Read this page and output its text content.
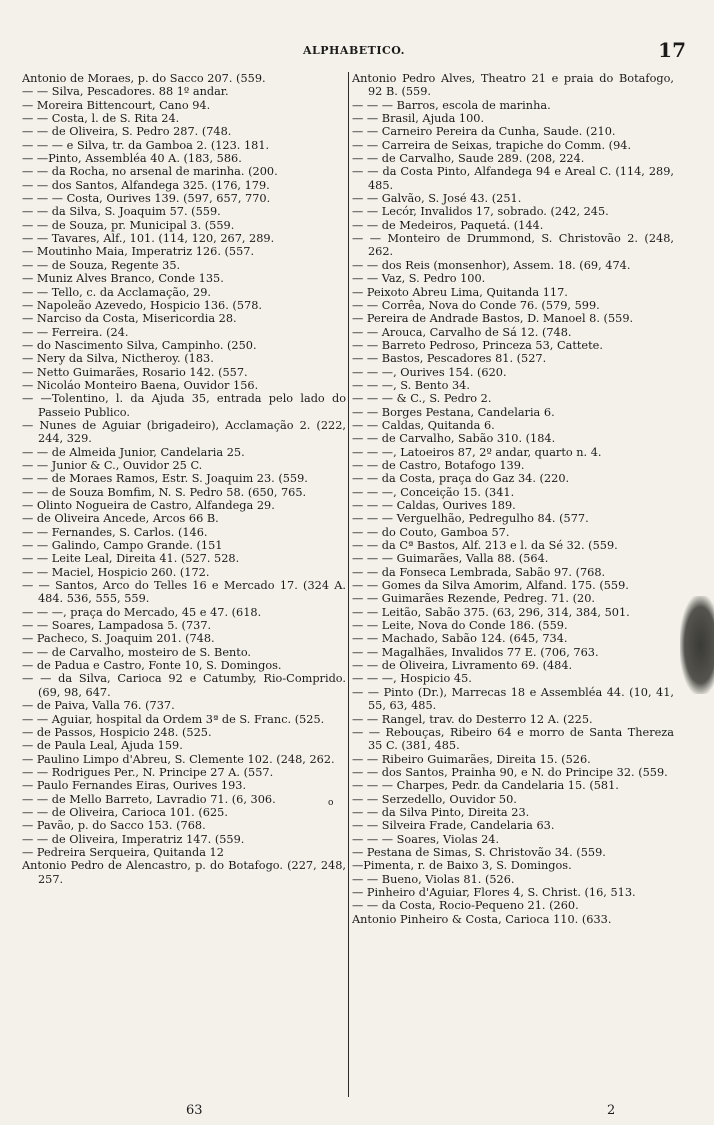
ALPHABETICO.	17

Antonio de Moraes, p. do Sacco 207. (559.

— — Silva, Pescadores. 88 1º andar.

— Moreira Bittencourt, Cano 94.

— — Costa, l. de S. Rita 24.

— — de Oliveira, S. Pedro 287. (748.

— — — e Silva, tr. da Gamboa 2. (123. 181.

— —Pinto, Assembléa 40 A. (183, 586.

— — da Rocha, no arsenal de marinha. (200.

— — dos Santos, Alfandega 325. (176, 179.

— — — Costa, Ourives 139. (597, 657, 770.

— — da Silva, S. Joaquim 57. (559.

— — de Souza, pr. Municipal 3. (559.

— — Tavares, Alf., 101. (114, 120, 267, 289.

— Moutinho Maia, Imperatriz 126. (557.

— — de Souza, Regente 35.

— Muniz Alves Branco, Conde 135.

— — Tello, c. da Acclamação, 29.

— Napoleão Azevedo, Hospicio 136. (578.

— Narciso da Costa, Misericordia 28.

— — Ferreira. (24.

— do Nascimento Silva, Campinho. (250.

— Nery da Silva, Nictheroy. (183.

— Netto Guimarães, Rosario 142. (557.

— Nicoláo Monteiro Baena, Ouvidor 156.

— —Tolentino, l. da Ajuda 35, entrada pelo lado do Passeio Publico.

— Nunes de Aguiar (brigadeiro), Acclamação 2. (222, 244, 329.

— — de Almeida Junior, Candelaria 25.

— — Junior & C., Ouvidor 25 C.

— — de Moraes Ramos, Estr. S. Joaquim 23. (559.

— — de Souza Bomfim, N. S. Pedro 58. (650, 765.

— Olinto Nogueira de Castro, Alfandega 29.

— de Oliveira Ancede, Arcos 66 B.

— — Fernandes, S. Carlos. (146.

— — Galindo, Campo Grande. (151

— — Leite Leal, Direita 41. (527. 528.

— — Maciel, Hospicio 260. (172.

— — Santos, Arco do Telles 16 e Mercado 17. (324 A. 484. 536, 555, 559.

— — —, praça do Mercado, 45 e 47. (618.

— — Soares, Lampadosa 5. (737.

— Pacheco, S. Joaquim 201. (748.

— — de Carvalho, mosteiro de S. Bento.

— de Padua e Castro, Fonte 10, S. Domingos.

— — da Silva, Carioca 92 e Catumby, Rio-Comprido. (69, 98, 647.

— de Paiva, Valla 76. (737.

— — Aguiar, hospital da Ordem 3ª de S. Franc. (525.

— de Passos, Hospicio 248. (525.

— de Paula Leal, Ajuda 159.

— Paulino Limpo d'Abreu, S. Clemente 102. (248, 262.

— — Rodrigues Per., N. Principe 27 A. (557.

— Paulo Fernandes Eiras, Ourives 193.

— — de Mello Barreto, Lavradio 71. (6, 306.

— — de Oliveira, Carioca 101. (625.

— Pavão, p. do Sacco 153. (768.

— — de Oliveira, Imperatriz 147. (559.

— Pedreira Serqueira, Quitanda 12

Antonio Pedro de Alencastro, p. do Botafogo. (227, 248, 257.

Antonio Pedro Alves, Theatro 21 e praia do Botafogo, 92 B. (559.

— — — Barros, escola de marinha.

— — Brasil, Ajuda 100.

— — Carneiro Pereira da Cunha, Saude. (210.

— — Carreira de Seixas, trapiche do Comm. (94.

— — de Carvalho, Saude 289. (208, 224.

— — da Costa Pinto, Alfandega 94 e Areal C. (114, 289, 485.

— — Galvão, S. José 43. (251.

— — Lecór, Invalidos 17, sobrado. (242, 245.

— — de Medeiros, Paquetá. (144.

— — Monteiro de Drummond, S. Christovão 2. (248, 262.

— — dos Reis (monsenhor), Assem. 18. (69, 474.

— — Vaz, S. Pedro 100.

— Peixoto Abreu Lima, Quitanda 117.

— — Corrêa, Nova do Conde 76. (579, 599.

— Pereira de Andrade Bastos, D. Manoel 8. (559.

— — Arouca, Carvalho de Sá 12. (748.

— — Barreto Pedroso, Princeza 53, Cattete.

— — Bastos, Pescadores 81. (527.

— — —, Ourives 154. (620.

— — —, S. Bento 34.

— — — & C., S. Pedro 2.

— — Borges Pestana, Candelaria 6.

— — Caldas, Quitanda 6.

— — de Carvalho, Sabão 310. (184.

— — —, Latoeiros 87, 2º andar, quarto n. 4.

— — de Castro, Botafogo 139.

— — da Costa, praça do Gaz 34. (220.

— — —, Conceição 15. (341.

— — — Caldas, Ourives 189.

— — — Verguelhão, Pedregulho 84. (577.

— — do Couto, Gamboa 57.

— — da Cª Bastos, Alf. 213 e l. da Sé 32. (559.

— — — Guimarães, Valla 88. (564.

— — da Fonseca Lembrada, Sabão 97. (768.

— — Gomes da Silva Amorim, Alfand. 175. (559.

— — Guimarães Rezende, Pedreg. 71. (20.

— — Leitão, Sabão 375. (63, 296, 314, 384, 501.

— — Leite, Nova do Conde 186. (559.

— — Machado, Sabão 124. (645, 734.

— — Magalhães, Invalidos 77 E. (706, 763.

— — de Oliveira, Livramento 69. (484.

— — —, Hospicio 45.

— — Pinto (Dr.), Marrecas 18 e Assembléa 44. (10, 41, 55, 63, 485.

— — Rangel, trav. do Desterro 12 A. (225.

— — Rebouças, Ribeiro 64 e morro de Santa Thereza 35 C. (381, 485.

— — Ribeiro Guimarães, Direita 15. (526.

— — dos Santos, Prainha 90, e N. do Principe 32. (559.

— — — Charpes, Pedr. da Candelaria 15. (581.

— — Serzedello, Ouvidor 50.

— — da Silva Pinto, Direita 23.

— — Silveira Frade, Candelaria 63.

— — — Soares, Violas 24.

— Pestana de Simas, S. Christovão 34. (559.

—Pimenta, r. de Baixo 3, S. Domingos.

— — Bueno, Violas 81. (526.

— Pinheiro d'Aguiar, Flores 4, S. Christ. (16, 513.

— — da Costa, Rocio-Pequeno 21. (260.

Antonio Pinheiro & Costa, Carioca 110. (633.

o
63	2
